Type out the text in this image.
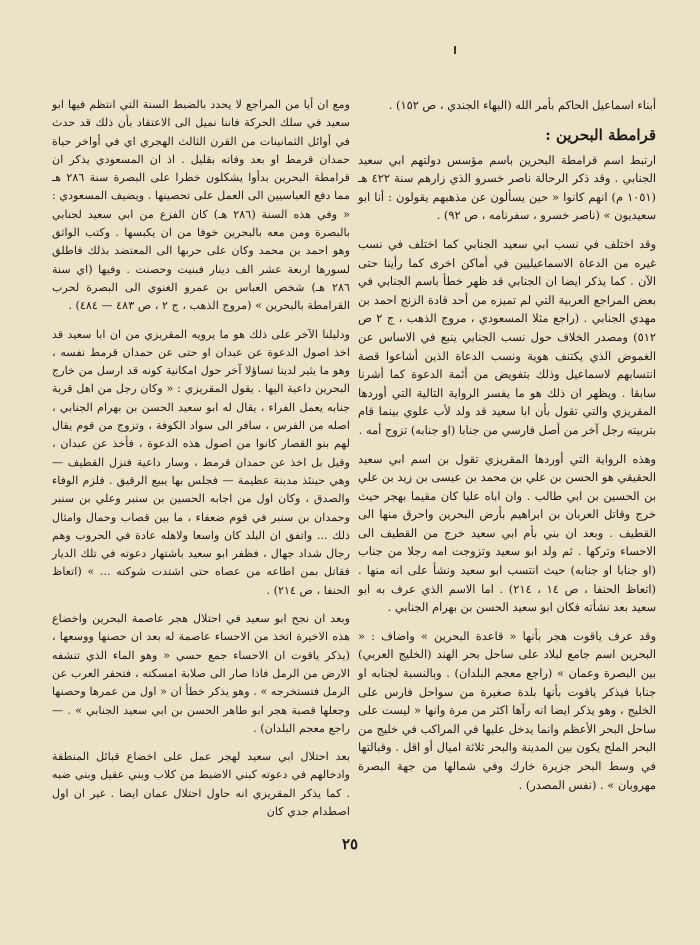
أبناء اسماعيل الحاكم بأمر الله (البهاء الجندي ، ص ١٥٢) .

قرامطة البحرين :

ارتبط اسم قرامطة البحرين باسم مؤسس دولتهم ابي سعيد الجنابي . وقد ذكر الرحالة ناصر خسرو الذي زارهم سنة ٤٢٢ هـ (١٠٥١ م) انهم كانوا « حين يسألون عن مذهبهم يقولون : أنا ابو سعيديون » (ناصر خسرو ، سفرنامه ، ص ٩٢) .

وقد اختلف في نسب ابي سعيد الجنابي كما اختلف في نسب غيره من الدعاة الاسماعيليين في أماكن اخرى كما رأينا حتى الآن . كما يذكر ايضا ان الجنابي قد ظهر خطأ باسم الجنابي في بعض المراجع العربية التي لم تميزه من أحد قادة الزنج احمد بن مهدي الجنابي . (راجع مثلا المسعودي ، مروج الذهب ، ج ٢ ص ٥١٢) ومصدر الخلاف حول نسب الجنابي ينبع في الاساس عن الغموض الذي يكتنف هوية ونسب الدعاة الذين أشاعوا قصة انتسابهم لاسماعيل وذلك بتفويض من أئمة الدعوة كما أشرنا سابقا . ويظهر ان ذلك هو ما يفسر الرواية التالية التي أوردها المقريزي والتي تقول بأن ابا سعيد قد ولد لأب علوي بينما قام بتربيته رجل آخر من أصل فارسي من جنابا (او جنابه) تزوج أمه .

وهذه الرواية التي أوردها المقريزي تقول بن اسم ابي سعيد الحقيقي هو الحسن بن علي بن محمد بن عيسى بن زيد بن علي بن الحسين بن ابي طالب . وان اباه عليا كان مقيما بهجر حيث خرج وقاتل العربان بن ابراهيم بأرض البحرين واحرق منها الى القطيف . وبعد ان بني بأم ابي سعيد خرج من القطيف الى الاحساء وتركها . ثم ولد ابو سعيد وتزوجت امه رجلا من جناب (او جنابا او جنابه) حيث انتسب ابو سعيد ونشأ على انه منها . (اتعاظ الحنفا ، ص ١٤ ، ٢١٤) . اما الاسم الذي عرف به ابو سعيد بعد نشأته فكان ابو سعيد الحسن بن بهرام الجنابي .

وقد عرف ياقوت هجر بأنها « قاعدة البحرين » واضاف : « البحرين اسم جامع لبلاد على ساحل بحر الهند (الخليج العربي) بين البصرة وعمان » (راجع معجم البلدان) . وبالنسبة لجنابه او جنابا فيذكر ياقوت بأنها بلدة صغيرة من سواحل فارس على الخليج ، وهو يذكر ايضا انه رآها اكثر من مرة وانها « ليست على ساحل البحر الأعظم وانما يدخل عليها في المراكب في خليج من البحر الملح يكون بين المدينة والبحر ثلاثة اميال أو اقل . وقبالتها في وسط البحر جزيرة خارك وفي شمالها من جهة البصرة مهروبان » . (نفس المصدر) .

ومع ان أيا من المراجع لا يحدد بالضبط السنة التي انتظم فيها ابو سعيد في سلك الحركة فاننا نميل الى الاعتقاد بأن ذلك قد حدث في أوائل الثمانينات من القرن الثالث الهجري اي في أواخر حياة حمدان قرمط او بعد وفاته بقليل . اذ ان المسعودي يذكر ان قرامطة البحرين بدأوا يشكلون خطرا على البصرة سنة ٢٨٦ هـ مما دفع العباسيين الى العمل على تحصينها . ويضيف المسعودي : « وفي هذه السنة (٢٨٦ هـ) كان الفزع من ابي سعيد لجنابي بالبصرة ومن معه بالبحرين خوفا من ان يكبسها . وكتب الواثق وهو احمد بن محمد وكان على حربها الى المعتضد بذلك فاطلق لسورها اربعة عشر الف دينار فبنيت وحصنت . وفيها (اي سنة ٢٨٦ هـ) شخص العباس بن عمرو الغنوي الى البصرة لحرب القرامطة بالبحرين » (مروج الذهب ، ج ٢ ، ص ٤٨٣ — ٤٨٤) .

ودليلنا الآخر على ذلك هو ما يرويه المقريزي من ان ابا سعيد قد اخذ اصول الدعوة عن عبدان او حتى عن حمدان قرمط نفسه ، وهو ما يثير لدينا تساؤلا آخر حول امكانية كونه قد ارسل من خارج البحرين داعية اليها . يقول المقريزي : « وكان رجل من اهل قرية جنابه يعمل الفراء ، يقال له ابو سعيد الحسن بن بهرام الجنابي ، اصله من الفرس ، سافر الى سواد الكوفة ، وتزوج من قوم يقال لهم بنو القصار كانوا من اصول هذه الدعوة ، فأخذ عن عبدان ، وقيل بل اخذ عن حمدان قرمط ، وسار داعية فنزل القطيف — وهي حينئذ مدينة عظيمة — فجلس بها يبيع الرقيق . فلزم الوفاء والصدق ، وكان اول من اجابه الحسين بن سنبر وعلي بن سنبر وحمدان بن سنبر في قوم ضعفاء ، ما بين قصاب وحمال وامثال ذلك ... واتفق ان البلد كان واسعا ولاهله عادة في الحروب وهم رجال شداد جهال ، فظفر ابو سعيد باشتهار دعوته في تلك الديار فقاتل بمن اطاعه من عصاه حتى اشتدت شوكته ... » (اتعاظ الحنفا ، ص ٢١٤) .

وبعد ان نجح ابو سعيد في احتلال هجر عاصمة البحرين واخضاع هذه الاخيرة اتخذ من الاحساء عاصمة له بعد ان حصنها ووسعها ، (يذكر ياقوت ان الاحساء جمع حسي « وهو الماء الذي تنشفه الارض من الرمل فاذا صار الى صلابة امسكته ، فتحفر العرب عن الرمل فتستخرجه » . وهو يذكر خطأ ان « اول من عمرها وحصنها وجعلها قصبة هجر ابو طاهر الحسن بن ابي سعيد الجنابي » . — راجع معجم البلدان) .

بعد احتلال ابي سعيد لهجر عمل على اخضاع قبائل المنطقة وادخالهم في دعوته كبني الاضبط من كلاب وبني عقيل وبني ضبه . كما يذكر المقريزي انه حاول احتلال عمان ايضا . غير ان اول اصطدام جدي كان

٢٥
